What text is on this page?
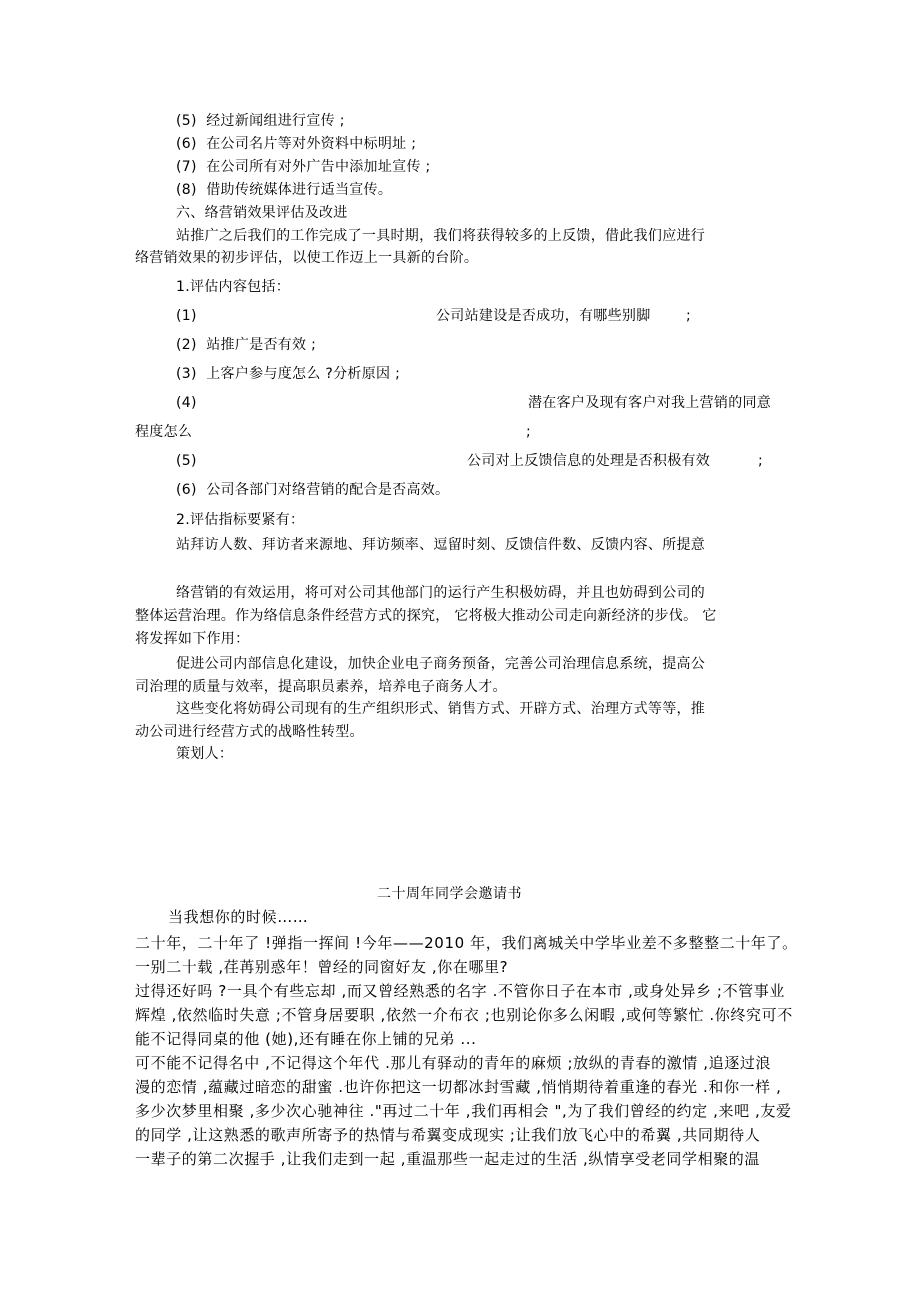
(5) 经过新闻组进行宣传 ;
(6) 在公司名片等对外资料中标明址 ;
(7) 在公司所有对外广告中添加址宣传 ;
(8) 借助传统媒体进行适当宣传。
六、络营销效果评估及改进
站推广之后我们的工作完成了一具时期，我们将获得较多的上反馈，借此我们应进行
络营销效果的初步评估，以使工作迈上一具新的台阶。
1.评估内容包括：
(1)	公司站建设是否成功，有哪些别脚	;
(2) 站推广是否有效 ;
(3) 上客户参与度怎么 ?分析原因 ;
(4)	潜在客户及现有客户对我上营销的同意
程度怎么	;
(5)	公司对上反馈信息的处理是否积极有效	;
(6) 公司各部门对络营销的配合是否高效。
2.评估指标要紧有：
站拜访人数、拜访者来源地、拜访频率、逗留时刻、反馈信件数、反馈内容、所提意
络营销的有效运用，将可对公司其他部门的运行产生积极妨碍，并且也妨碍到公司的
整体运营治理。作为络信息条件经营方式的探究， 它将极大推动公司走向新经济的步伐。 它
将发挥如下作用：
促进公司内部信息化建设，加快企业电子商务预备，完善公司治理信息系统，提高公
司治理的质量与效率，提高职员素养，培养电子商务人才。
这些变化将妨碍公司现有的生产组织形式、销售方式、开辟方式、治理方式等等，推
动公司进行经营方式的战略性转型。
策划人：
二十周年同学会邀请书
当我想你的时候……
二十年，二十年了 !弹指一挥间 !今年——2010 年，我们离城关中学毕业差不多整整二十年了。
一别二十载 ,荏苒别惑年！曾经的同窗好友 ,你在哪里?
过得还好吗 ?一具个有些忘却 ,而又曾经熟悉的名字 .不管你日子在本市 ,或身处异乡 ;不管事业
辉煌 ,依然临时失意 ;不管身居要职 ,依然一介布衣 ;也别论你多么闲暇 ,或何等繁忙 .你终究可不
能不记得同桌的他 (她),还有睡在你上铺的兄弟 ...
可不能不记得名中 ,不记得这个年代 .那儿有驿动的青年的麻烦 ;放纵的青春的激情 ,追逐过浪
漫的恋情 ,蕴藏过暗恋的甜蜜 .也许你把这一切都冰封雪藏 ,悄悄期待着重逢的春光 .和你一样 ,
多少次梦里相聚 ,多少次心驰神往 ."再过二十年 ,我们再相会 ",为了我们曾经的约定 ,来吧 ,友爱
的同学 ,让这熟悉的歌声所寄予的热情与希翼变成现实 ;让我们放飞心中的希翼 ,共同期待人
一辈子的第二次握手 ,让我们走到一起 ,重温那些一起走过的生活 ,纵情享受老同学相聚的温
